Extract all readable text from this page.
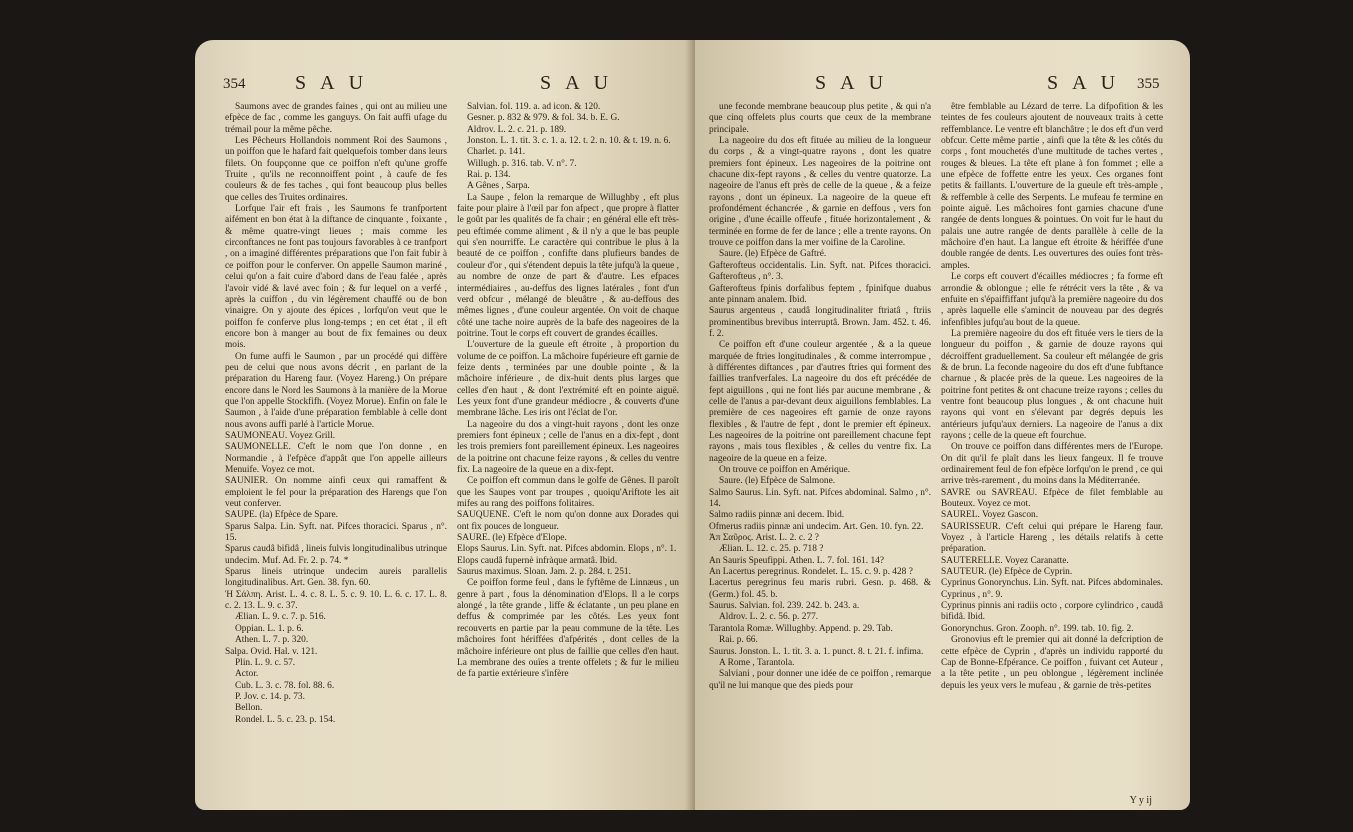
354 SAU	SAU

Saumons avec de grandes faines , qui ont au milieu une efpèce de fac , comme les ganguys. On fait auffi ufage du trémail pour la même pêche.

Les Pêcheurs Hollandois nomment Roi des Saumons , un poiffon que le hafard fait quelquefois tomber dans leurs filets. On foupçonne que ce poiffon n'eft qu'une groffe Truite , qu'ils ne reconnoiffent point , à caufe de fes couleurs & de fes taches , qui font beaucoup plus belles que celles des Truites ordinaires.

Lorfque l'air eft frais , les Saumons fe tranfportent aifément en bon état à la diftance de cinquante , foixante , & même quatre-vingt lieues ; mais comme les circonftances ne font pas toujours favorables à ce tranfport , on a imaginé différentes préparations que l'on fait fubir à ce poiffon pour le conferver. On appelle Saumon mariné , celui qu'on a fait cuire d'abord dans de l'eau falée , après l'avoir vidé & lavé avec foin ; & fur lequel on a verfé , après la cuiffon , du vin légèrement chauffé ou de bon vinaigre. On y ajoute des épices , lorfqu'on veut que le poiffon fe conferve plus long-temps ; en cet état , il eft encore bon à manger au bout de fix femaines ou deux mois.

On fume auffi le Saumon , par un procédé qui diffère peu de celui que nous avons décrit , en parlant de la préparation du Hareng faur. (Voyez Hareng.) On prépare encore dans le Nord les Saumons à la manière de la Morue que l'on appelle Stockfifh. (Voyez Morue). Enfin on fale le Saumon , à l'aide d'une préparation femblable à celle dont nous avons auffi parlé à l'article Morue.

SAUMONEAU. Voyez Grill.

SAUMONELLE. C'eft le nom que l'on donne , en Normandie , à l'efpèce d'appât que l'on appelle ailleurs Menuife. Voyez ce mot.

SAUNIER. On nomme ainfi ceux qui ramaffent & emploient le fel pour la préparation des Harengs que l'on veut conferver.

SAUPE. (la) Efpèce de Spare.

Sparus Salpa. Lin. Syft. nat. Pifces thoracici. Sparus , n°. 15.

Sparus caudâ bifidâ , lineis fulvis longitudinalibus utrinque undecim. Muf. Ad. Fr. 2. p. 74. *

Sparus lineis utrinque undecim aureis parallelis longitudinalibus. Art. Gen. 38. fyn. 60.

Ἡ Σάλπη. Arist. L. 4. c. 8. L. 5. c. 9. 10. L. 6. c. 17. L. 8. c. 2. 13. L. 9. c. 37.

Ælian. L. 9. c. 7. p. 516.

Oppian. L. 1. p. 6.

Athen. L. 7. p. 320.

Salpa. Ovid. Hal. v. 121.

Plin. L. 9. c. 57.

Actor.

Cub. L. 3. c. 78. fol. 88. 6.

P. Jov. c. 14. p. 73.

Bellon.

Rondel. L. 5. c. 23. p. 154.

Salvian. fol. 119. a. ad icon. & 120.

Gesner. p. 832 & 979. & fol. 34. b. E. G.

Aldrov. L. 2. c. 21. p. 189.

Jonston. L. 1. tit. 3. c. 1. a. 12. t. 2. n. 10. & t. 19. n. 6.

Charlet. p. 141.

Willugh. p. 316. tab. V. n°. 7.

Rai. p. 134.

A Gênes , Sarpa.

La Saupe , felon la remarque de Willughby , eft plus faite pour plaire à l'œil par fon afpect , que propre à flatter le goût par les qualités de fa chair ; en général elle eft très-peu eftimée comme aliment , & il n'y a que le bas peuple qui s'en nourriffe. Le caractère qui contribue le plus à la beauté de ce poiffon , confifte dans plufieurs bandes de couleur d'or , qui s'étendent depuis la tête jufqu'à la queue , au nombre de onze de part & d'autre. Les efpaces intermédiaires , au-deffus des lignes latérales , font d'un verd obfcur , mélangé de bleuâtre , & au-deffous des mêmes lignes , d'une couleur argentée. On voit de chaque côté une tache noire auprès de la bafe des nageoires de la poitrine. Tout le corps eft couvert de grandes écailles.

L'ouverture de la gueule eft étroite , à proportion du volume de ce poiffon. La mâchoire fupérieure eft garnie de feize dents , terminées par une double pointe , & la mâchoire inférieure , de dix-huit dents plus larges que celles d'en haut , & dont l'extrémité eft en pointe aiguë. Les yeux font d'une grandeur médiocre , & couverts d'une membrane lâche. Les iris ont l'éclat de l'or.

La nageoire du dos a vingt-huit rayons , dont les onze premiers font épineux ; celle de l'anus en a dix-fept , dont les trois premiers font pareillement épineux. Les nageoires de la poitrine ont chacune feize rayons , & celles du ventre fix. La nageoire de la queue en a dix-fept.

Ce poiffon eft commun dans le golfe de Gênes. Il paroît que les Saupes vont par troupes , quoiqu'Ariftote les ait mifes au rang des poiffons folitaires.

SAUQUENE. C'eft le nom qu'on donne aux Dorades qui ont fix pouces de longueur.

SAURE. (le) Efpèce d'Elope.

Elops Saurus. Lin. Syft. nat. Pifces abdomin. Elops , n°. 1.

Elops caudâ fupernè infràque armatâ. Ibid.

Saurus maximus. Sloan. Jam. 2. p. 284. t. 251.

Ce poiffon forme feul , dans le fyftême de Linnæus , un genre à part , fous la dénomination d'Elops. Il a le corps alongé , la tête grande , liffe & éclatante , un peu plane en deffus & comprimée par les côtés. Les yeux font recouverts en partie par la peau commune de la tête. Les mâchoires font hériffées d'afpérités , dont celles de la mâchoire inférieure ont plus de faillie que celles d'en haut. La membrane des ouïes a trente offelets ; & fur le milieu de fa partie extérieure s'infère

SAU	SAU 355

une feconde membrane beaucoup plus petite , & qui n'a que cinq offelets plus courts que ceux de la membrane principale.

La nageoire du dos eft fituée au milieu de la longueur du corps , & a vingt-quatre rayons , dont les quatre premiers font épineux. Les nageoires de la poitrine ont chacune dix-fept rayons , & celles du ventre quatorze. La nageoire de l'anus eft près de celle de la queue , & a feize rayons , dont un épineux. La nageoire de la queue eft profondément échancrée , & garnie en deffous , vers fon origine , d'une écaille offeufe , fituée horizontalement , & terminée en forme de fer de lance ; elle a trente rayons. On trouve ce poiffon dans la mer voifine de la Caroline.

Saure. (le) Efpèce de Gaftré.

Gafterofteus occidentalis. Lin. Syft. nat. Pifces thoracici. Gafterofteus , n°. 3.

Gafterofteus fpinis dorfalibus feptem , fpinifque duabus ante pinnam analem. Ibid.

Saurus argenteus , caudâ longitudinaliter ftriatâ , ftriis prominentibus brevibus interruptâ. Brown. Jam. 452. t. 46. f. 2.

Ce poiffon eft d'une couleur argentée , & a la queue marquée de ftries longitudinales , & comme interrompue , à différentes diftances , par d'autres ftries qui forment des faillies tranfverfales. La nageoire du dos eft précédée de fept aiguillons , qui ne font liés par aucune membrane , & celle de l'anus a par-devant deux aiguillons femblables. La première de ces nageoires eft garnie de onze rayons flexibles , & l'autre de fept , dont le premier eft épineux. Les nageoires de la poitrine ont pareillement chacune fept rayons , mais tous flexibles , & celles du ventre fix. La nageoire de la queue en a feize.

On trouve ce poiffon en Amérique.

Saure. (le) Efpèce de Salmone.

Salmo Saurus. Lin. Syft. nat. Pifces abdominal. Salmo , n°. 14.

Salmo radiis pinnæ ani decem. Ibid.

Ofmerus radiis pinnæ ani undecim. Art. Gen. 10. fyn. 22.

Ἀπ Σαῦρος. Arist. L. 2. c. 2 ?

Ælian. L. 12. c. 25. p. 718 ?

An Sauris Speufippi. Athen. L. 7. fol. 161. 14?

An Lacertus peregrinus. Rondelet. L. 15. c. 9. p. 428 ?

Lacertus peregrinus feu maris rubri. Gesn. p. 468. & (Germ.) fol. 45. b.

Saurus. Salvian. fol. 239. 242. b. 243. a.

Aldrov. L. 2. c. 56. p. 277.

Tarantola Romæ. Willughby. Append. p. 29. Tab.

Rai. p. 66.

Saurus. Jonston. L. 1. tit. 3. a. 1. punct. 8. t. 21. f. infima.

A Rome , Tarantola.

Salviani , pour donner une idée de ce poiffon , remarque qu'il ne lui manque que des pieds pour

être femblable au Lézard de terre. La difpofition & les teintes de fes couleurs ajoutent de nouveaux traits à cette reffemblance. Le ventre eft blanchâtre ; le dos eft d'un verd obfcur. Cette même partie , ainfi que la tête & les côtés du corps , font mouchetés d'une multitude de taches vertes , rouges & bleues. La tête eft plane à fon fommet ; elle a une efpèce de foffette entre les yeux. Ces organes font petits & faillants. L'ouverture de la gueule eft très-ample , & reffemble à celle des Serpents. Le mufeau fe termine en pointe aiguë. Les mâchoires font garnies chacune d'une rangée de dents longues & pointues. On voit fur le haut du palais une autre rangée de dents parallèle à celle de la mâchoire d'en haut. La langue eft étroite & hériffée d'une double rangée de dents. Les ouvertures des ouïes font très-amples.

Le corps eft couvert d'écailles médiocres ; fa forme eft arrondie & oblongue ; elle fe rétrécit vers la tête , & va enfuite en s'épaiffiffant jufqu'à la première nageoire du dos , après laquelle elle s'amincit de nouveau par des degrés infenfibles jufqu'au bout de la queue.

La première nageoire du dos eft fituée vers le tiers de la longueur du poiffon , & garnie de douze rayons qui décroiffent graduellement. Sa couleur eft mélangée de gris & de brun. La feconde nageoire du dos eft d'une fubftance charnue , & placée près de la queue. Les nageoires de la poitrine font petites & ont chacune treize rayons ; celles du ventre font beaucoup plus longues , & ont chacune huit rayons qui vont en s'élevant par degrés depuis les antérieurs jufqu'aux derniers. La nageoire de l'anus a dix rayons ; celle de la queue eft fourchue.

On trouve ce poiffon dans différentes mers de l'Europe. On dit qu'il fe plaît dans les lieux fangeux. Il fe trouve ordinairement feul de fon efpèce lorfqu'on le prend , ce qui arrive très-rarement , du moins dans la Méditerranée.

SAVRE ou SAVREAU. Efpèce de filet femblable au Bouteux. Voyez ce mot.

SAUREL. Voyez Gascon.

SAURISSEUR. C'eft celui qui prépare le Hareng faur. Voyez , à l'article Hareng , les détails relatifs à cette préparation.

SAUTERELLE. Voyez Caranatte.

SAUTEUR. (le) Efpèce de Cyprin.

Cyprinus Gonorynchus. Lin. Syft. nat. Pifces abdominales. Cyprinus , n°. 9.

Cyprinus pinnis ani radiis octo , corpore cylindrico , caudâ bifidâ. Ibid.

Gonorynchus. Gron. Zooph. n°. 199. tab. 10. fig. 2.

Gronovius eft le premier qui ait donné la defcription de cette efpèce de Cyprin , d'après un individu rapporté du Cap de Bonne-Efpérance. Ce poiffon , fuivant cet Auteur , a la tête petite , un peu oblongue , légèrement inclinée depuis les yeux vers le mufeau , & garnie de très-petites

Y y ij
